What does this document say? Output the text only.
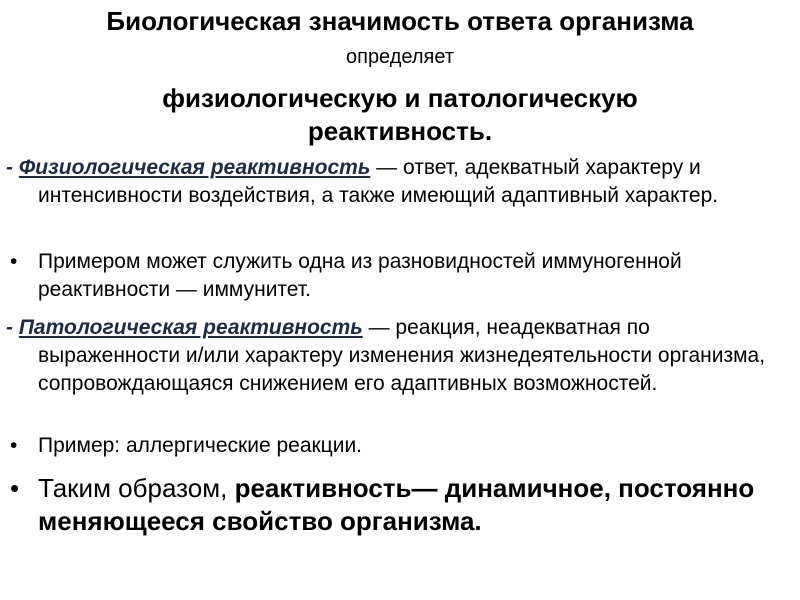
Биологическая значимость ответа организма
определяет
физиологическую и патологическую реактивность.
- Физиологическая реактивность — ответ, адекватный характеру и интенсивности воздействия, а также имеющий адаптивный характер.
• Примером может служить одна из разновидностей иммуногенной реактивности — иммунитет.
- Патологическая реактивность — реакция, неадекватная по выраженности и/или характеру изменения жизнедеятельности организма, сопровождающаяся снижением его адаптивных возможностей.
• Пример: аллергические реакции.
• Таким образом, реактивность— динамичное, постоянно меняющееся свойство организма.
